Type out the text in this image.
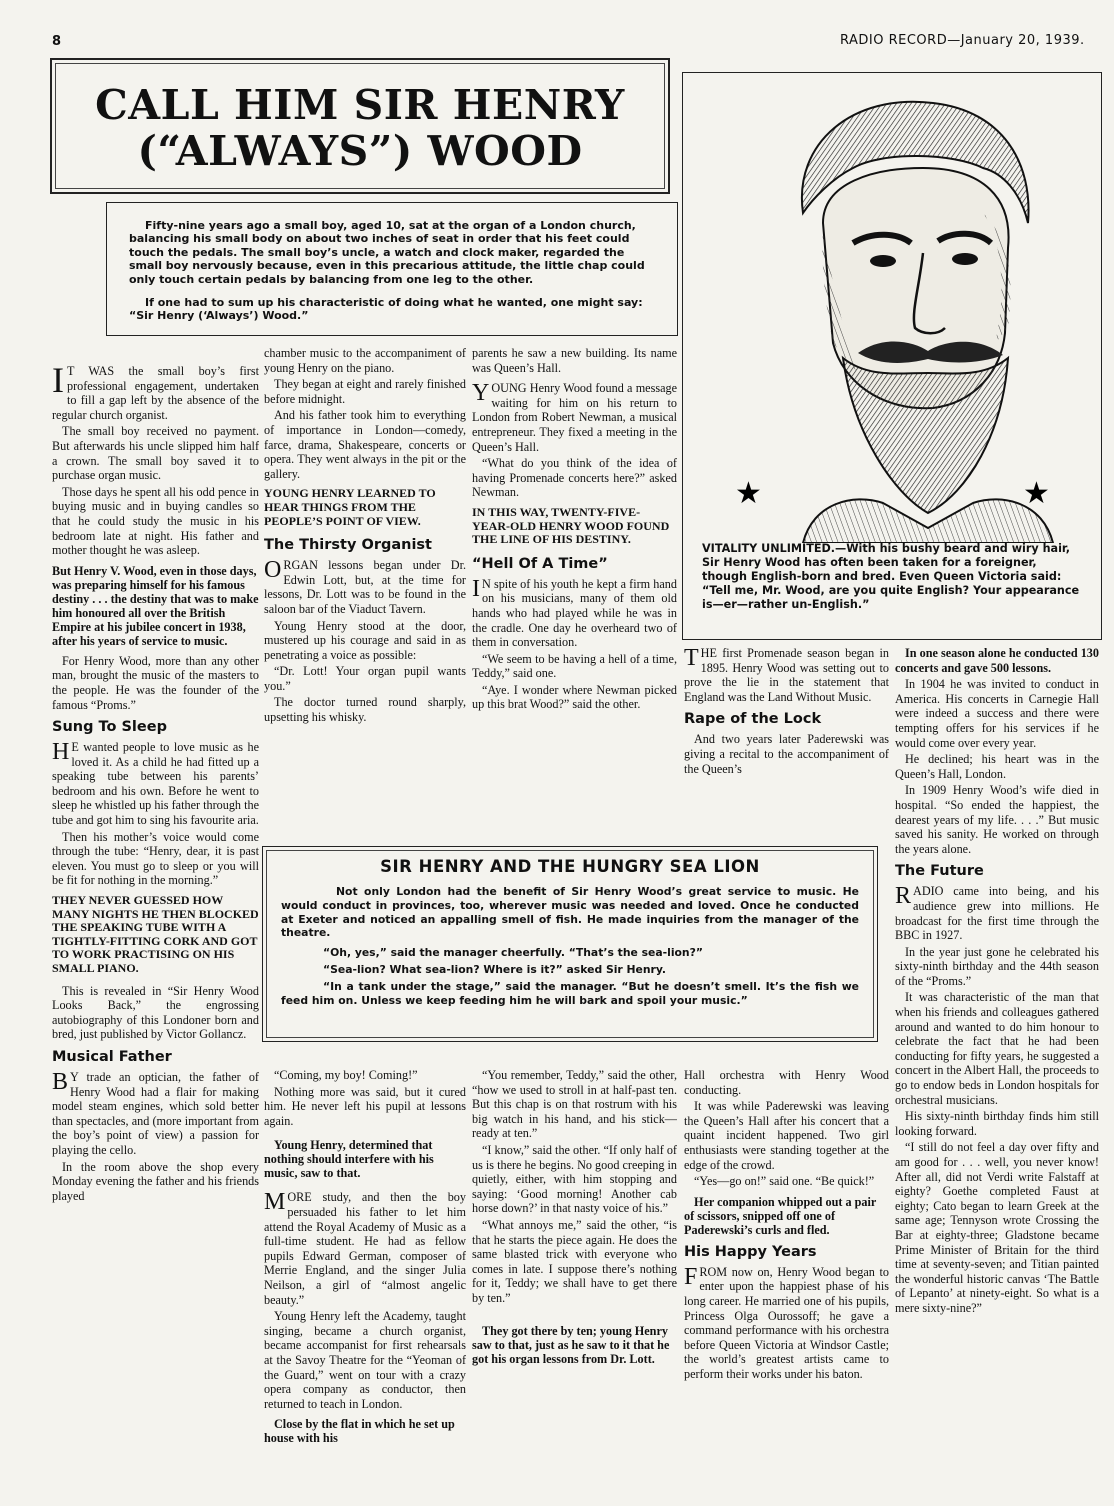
8	RADIO RECORD—January 20, 1939.
CALL HIM SIR HENRY
(“ALWAYS”) WOOD

Fifty-nine years ago a small boy, aged 10, sat at the organ of a London church, balancing his small body on about two inches of seat in order that his feet could touch the pedals. The small boy’s uncle, a watch and clock maker, regarded the small boy nervously because, even in this precarious attitude, the little chap could only touch certain pedals by balancing from one leg to the other.

If one had to sum up his characteristic of doing what he wanted, one might say: “Sir Henry (‘Always’) Wood.”

★	★
VITALITY UNLIMITED.—With his bushy beard and wiry hair, Sir Henry Wood has often been taken for a foreigner, though English-born and bred. Even Queen Victoria said: “Tell me, Mr. Wood, are you quite English? Your appearance is—er—rather un-English.”

I T WAS the small boy’s first professional engagement, undertaken to fill a gap left by the absence of the regular church organist.

The small boy received no payment. But afterwards his uncle slipped him half a crown. The small boy saved it to purchase organ music.

Those days he spent all his odd pence in buying music and in buying candles so that he could study the music in his bedroom late at night. His father and mother thought he was asleep.

But Henry V. Wood, even in those days, was preparing himself for his famous destiny . . . the destiny that was to make him honoured all over the British Empire at his jubilee concert in 1938, after his years of service to music.

For Henry Wood, more than any other man, brought the music of the masters to the people. He was the founder of the famous “Proms.”

Sung To Sleep

H E wanted people to love music as he loved it. As a child he had fitted up a speaking tube between his parents’ bedroom and his own. Before he went to sleep he whistled up his father through the tube and got him to sing his favourite aria.

Then his mother’s voice would come through the tube: “Henry, dear, it is past eleven. You must go to sleep or you will be fit for nothing in the morning.”

THEY NEVER GUESSED HOW MANY NIGHTS HE THEN BLOCKED THE SPEAKING TUBE WITH A TIGHTLY-FITTING CORK AND GOT TO WORK PRACTISING ON HIS SMALL PIANO.

This is revealed in “Sir Henry Wood Looks Back,” the engrossing autobiography of this Londoner born and bred, just published by Victor Gollancz.

Musical Father

B Y trade an optician, the father of Henry Wood had a flair for making model steam engines, which sold better than spectacles, and (more important from the boy’s point of view) a passion for playing the cello.

In the room above the shop every Monday evening the father and his friends played

chamber music to the accompaniment of young Henry on the piano.

They began at eight and rarely finished before midnight.

And his father took him to everything of importance in London—comedy, farce, drama, Shakespeare, concerts or opera. They went always in the pit or the gallery.

YOUNG HENRY LEARNED TO HEAR THINGS FROM THE PEOPLE’S POINT OF VIEW.
The Thirsty Organist

ORGAN lessons began under Dr. Edwin Lott, but, at the time for lessons, Dr. Lott was to be found in the saloon bar of the Viaduct Tavern.

Young Henry stood at the door, mustered up his courage and said in as penetrating a voice as possible:

“Dr. Lott! Your organ pupil wants you.”

The doctor turned round sharply, upsetting his whisky.

parents he saw a new building. Its name was Queen’s Hall.

YOUNG Henry Wood found a message waiting for him on his return to London from Robert Newman, a musical entrepreneur. They fixed a meeting in the Queen’s Hall.

“What do you think of the idea of having Promenade concerts here?” asked Newman.

IN THIS WAY, TWENTY-FIVE-YEAR-OLD HENRY WOOD FOUND THE LINE OF HIS DESTINY.
“Hell Of A Time”

I N spite of his youth he kept a firm hand on his musicians, many of them old hands who had played while he was in the cradle. One day he overheard two of them in conversation.

“We seem to be having a hell of a time, Teddy,” said one.

“Aye. I wonder where Newman picked up this brat Wood?” said the other.

THE first Promenade season began in 1895. Henry Wood was setting out to prove the lie in the statement that England was the Land Without Music.

Rape of the Lock

And two years later Paderewski was giving a recital to the accompaniment of the Queen’s

In one season alone he conducted 130 concerts and gave 500 lessons.

In 1904 he was invited to conduct in America. His concerts in Carnegie Hall were indeed a success and there were tempting offers for his services if he would come over every year.

He declined; his heart was in the Queen’s Hall, London.

In 1909 Henry Wood’s wife died in hospital. “So ended the happiest, the dearest years of my life. . . .” But music saved his sanity. He worked on through the years alone.

The Future

RADIO came into being, and his audience grew into millions. He broadcast for the first time through the BBC in 1927.

In the year just gone he celebrated his sixty-ninth birthday and the 44th season of the “Proms.”

It was characteristic of the man that when his friends and colleagues gathered around and wanted to do him honour to celebrate the fact that he had been conducting for fifty years, he suggested a concert in the Albert Hall, the proceeds to go to endow beds in London hospitals for orchestral musicians.

His sixty-ninth birthday finds him still looking forward.

“I still do not feel a day over fifty and am good for . . . well, you never know! After all, did not Verdi write Falstaff at eighty? Goethe completed Faust at eighty; Cato began to learn Greek at the same age; Tennyson wrote Crossing the Bar at eighty-three; Gladstone became Prime Minister of Britain for the third time at seventy-seven; and Titian painted the wonderful historic canvas ‘The Battle of Lepanto’ at ninety-eight. So what is a mere sixty-nine?”

SIR HENRY AND THE HUNGRY SEA LION
Not only London had the benefit of Sir Henry Wood’s great service to music. He would conduct in provinces, too, wherever music was needed and loved. Once he conducted at Exeter and noticed an appalling smell of fish. He made inquiries from the manager of the theatre.
“Oh, yes,” said the manager cheerfully. “That’s the sea-lion?”
“Sea-lion? What sea-lion? Where is it?” asked Sir Henry.
“In a tank under the stage,” said the manager. “But he doesn’t smell. It’s the fish we feed him on. Unless we keep feeding him he will bark and spoil your music.”

“Coming, my boy! Coming!”

Nothing more was said, but it cured him. He never left his pupil at lessons again.

Young Henry, determined that nothing should interfere with his music, saw to that.

MORE study, and then the boy persuaded his father to let him attend the Royal Academy of Music as a full-time student. He had as fellow pupils Edward German, composer of Merrie England, and the singer Julia Neilson, a girl of “almost angelic beauty.”

Young Henry left the Academy, taught singing, became a church organist, became accompanist for first rehearsals at the Savoy Theatre for the “Yeoman of the Guard,” went on tour with a crazy opera company as conductor, then returned to teach in London.

Close by the flat in which he set up house with his

“You remember, Teddy,” said the other, “how we used to stroll in at half-past ten. But this chap is on that rostrum with his big watch in his hand, and his stick—ready at ten.”

“I know,” said the other. “If only half of us is there he begins. No good creeping in quietly, either, with him stopping and saying: ‘Good morning! Another cab horse down?’ in that nasty voice of his.”

“What annoys me,” said the other, “is that he starts the piece again. He does the same blasted trick with everyone who comes in late. I suppose there’s nothing for it, Teddy; we shall have to get there by ten.”

They got there by ten; young Henry saw to that, just as he saw to it that he got his organ lessons from Dr. Lott.

Hall orchestra with Henry Wood conducting.

It was while Paderewski was leaving the Queen’s Hall after his concert that a quaint incident happened. Two girl enthusiasts were standing together at the edge of the crowd.

“Yes—go on!” said one. “Be quick!”

Her companion whipped out a pair of scissors, snipped off one of Paderewski’s curls and fled.
His Happy Years

FROM now on, Henry Wood began to enter upon the happiest phase of his long career. He married one of his pupils, Princess Olga Ourossoff; he gave a command performance with his orchestra before Queen Victoria at Windsor Castle; the world’s greatest artists came to perform their works under his baton.
